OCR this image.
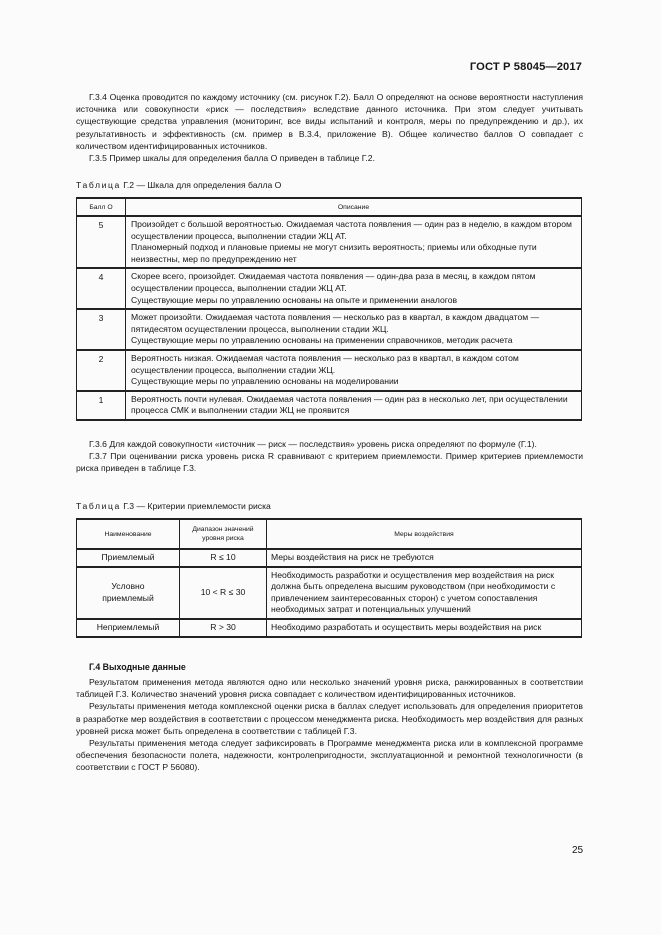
ГОСТ Р 58045—2017

Г.3.4 Оценка проводится по каждому источнику (см. рисунок Г.2). Балл О определяют на основе вероятности наступления источника или совокупности «риск — последствия» вследствие данного источника. При этом следует учитывать существующие средства управления (мониторинг, все виды испытаний и контроля, меры по предупреждению и др.), их результативность и эффективность (см. пример в В.3.4, приложение В). Общее количество баллов О совпадает с количеством идентифицированных источников.

Г.3.5 Пример шкалы для определения балла О приведен в таблице Г.2.

Таблица Г.2 — Шкала для определения балла О
Балл О	Описание
5	Произойдет с большой вероятностью. Ожидаемая частота появления — один раз в неделю, в каждом втором осуществлении процесса, выполнении стадии ЖЦ АТ.
Планомерный подход и плановые приемы не могут снизить вероятность; приемы или обходные пути неизвестны, мер по предупреждению нет

4	Скорее всего, произойдет. Ожидаемая частота появления — один-два раза в месяц, в каждом пятом осуществлении процесса, выполнении стадии ЖЦ АТ.
Существующие меры по управлению основаны на опыте и применении аналогов

3	Может произойти. Ожидаемая частота появления — несколько раз в квартал, в каждом двадцатом — пятидесятом осуществлении процесса, выполнении стадии ЖЦ.
Существующие меры по управлению основаны на применении справочников, методик расчета

2	Вероятность низкая. Ожидаемая частота появления — несколько раз в квартал, в каждом сотом осуществлении процесса, выполнении стадии ЖЦ.
Существующие меры по управлению основаны на моделировании

1	Вероятность почти нулевая. Ожидаемая частота появления — один раз в несколько лет, при осуществлении процесса СМК и выполнении стадии ЖЦ не проявится

Г.3.6 Для каждой совокупности «источник — риск — последствия» уровень риска определяют по формуле (Г.1).

Г.3.7 При оценивании риска уровень риска R сравнивают с критерием приемлемости. Пример критериев приемлемости риска приведен в таблице Г.3.

Таблица Г.3 — Критерии приемлемости риска
Наименование	Диапазон значений уровня риска	Меры воздействия
Приемлемый	R ≤ 10	Меры воздействия на риск не требуются
Условно приемлемый	10 < R ≤ 30	Необходимость разработки и осуществления мер воздействия на риск должна быть определена высшим руководством (при необходимости с привлечением заинтересованных сторон) с учетом сопоставления необходимых затрат и потенциальных улучшений
Неприемлемый	R > 30	Необходимо разработать и осуществить меры воздействия на риск
Г.4 Выходные данные

Результатом применения метода являются одно или несколько значений уровня риска, ранжированных в соответствии таблицей Г.3. Количество значений уровня риска совпадает с количеством идентифицированных источников.

Результаты применения метода комплексной оценки риска в баллах следует использовать для определения приоритетов в разработке мер воздействия в соответствии с процессом менеджмента риска. Необходимость мер воздействия для разных уровней риска может быть определена в соответствии с таблицей Г.3.

Результаты применения метода следует зафиксировать в Программе менеджмента риска или в комплексной программе обеспечения безопасности полета, надежности, контролепригодности, эксплуатационной и ремонтной технологичности (в соответствии с ГОСТ Р 56080).

25
